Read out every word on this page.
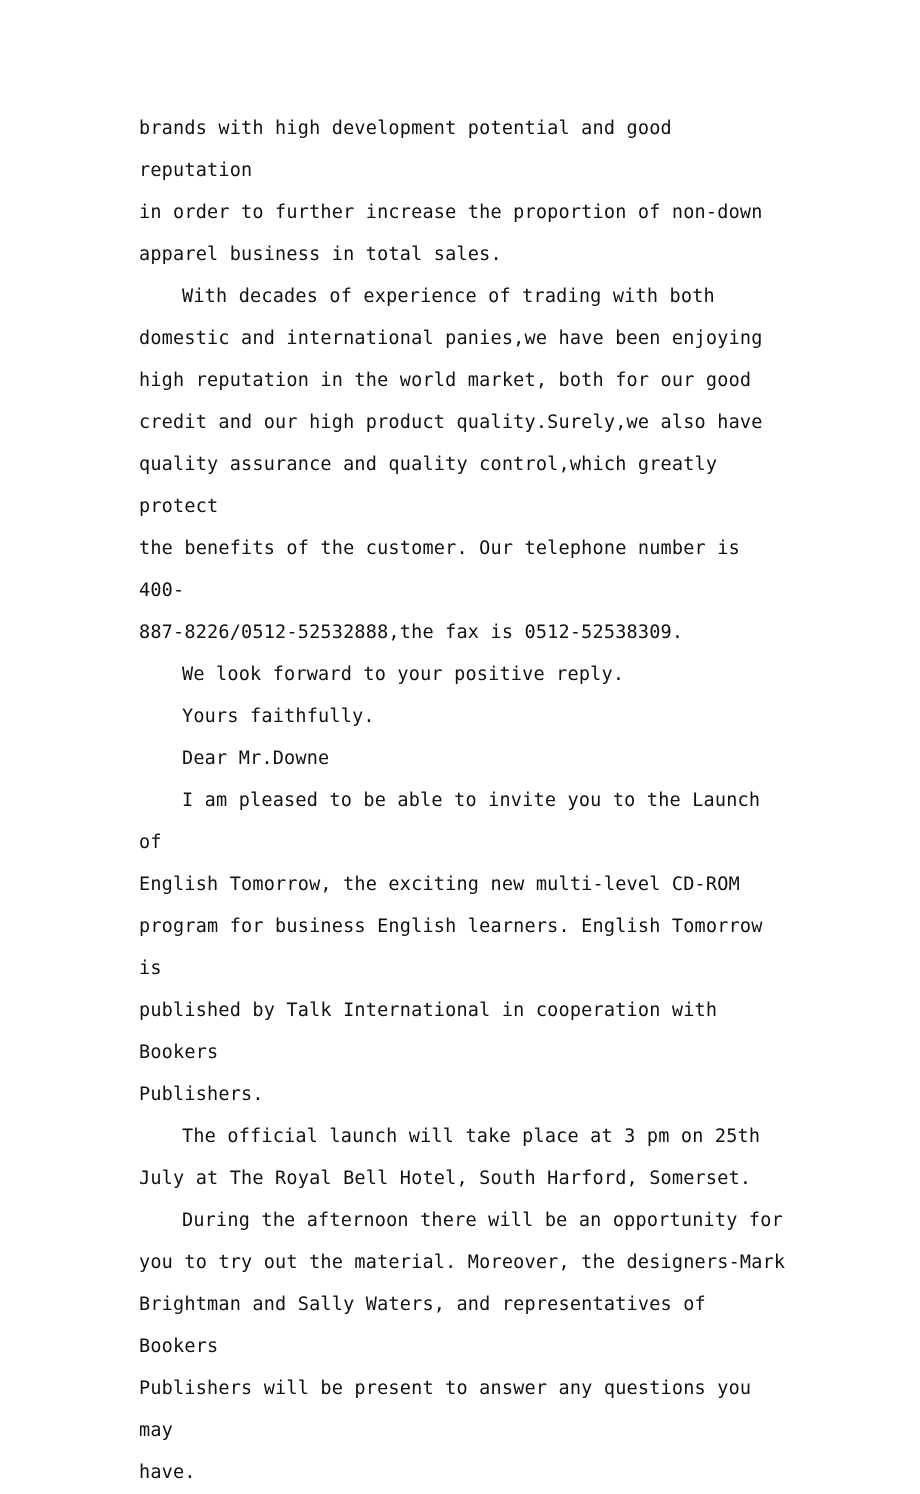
brands with high development potential and good reputation
in order to further increase the proportion of non-down
apparel business in total sales.

With decades of experience of trading with both
domestic and international panies,we have been enjoying
high reputation in the world market, both for our good
credit and our high product quality.Surely,we also have
quality assurance and quality control,which greatly protect
the benefits of the customer. Our telephone number is 400-
887-8226/0512-52532888,the fax is 0512-52538309.

We look forward to your positive reply.

Yours faithfully.

Dear Mr.Downe

I am pleased to be able to invite you to the Launch of
English Tomorrow, the exciting new multi-level CD-ROM
program for business English learners. English Tomorrow is
published by Talk International in cooperation with Bookers
Publishers.

The official launch will take place at 3 pm on 25th
July at The Royal Bell Hotel, South Harford, Somerset.

During the afternoon there will be an opportunity for
you to try out the material. Moreover, the designers-Mark
Brightman and Sally Waters, and representatives of Bookers
Publishers will be present to answer any questions you may
have.
